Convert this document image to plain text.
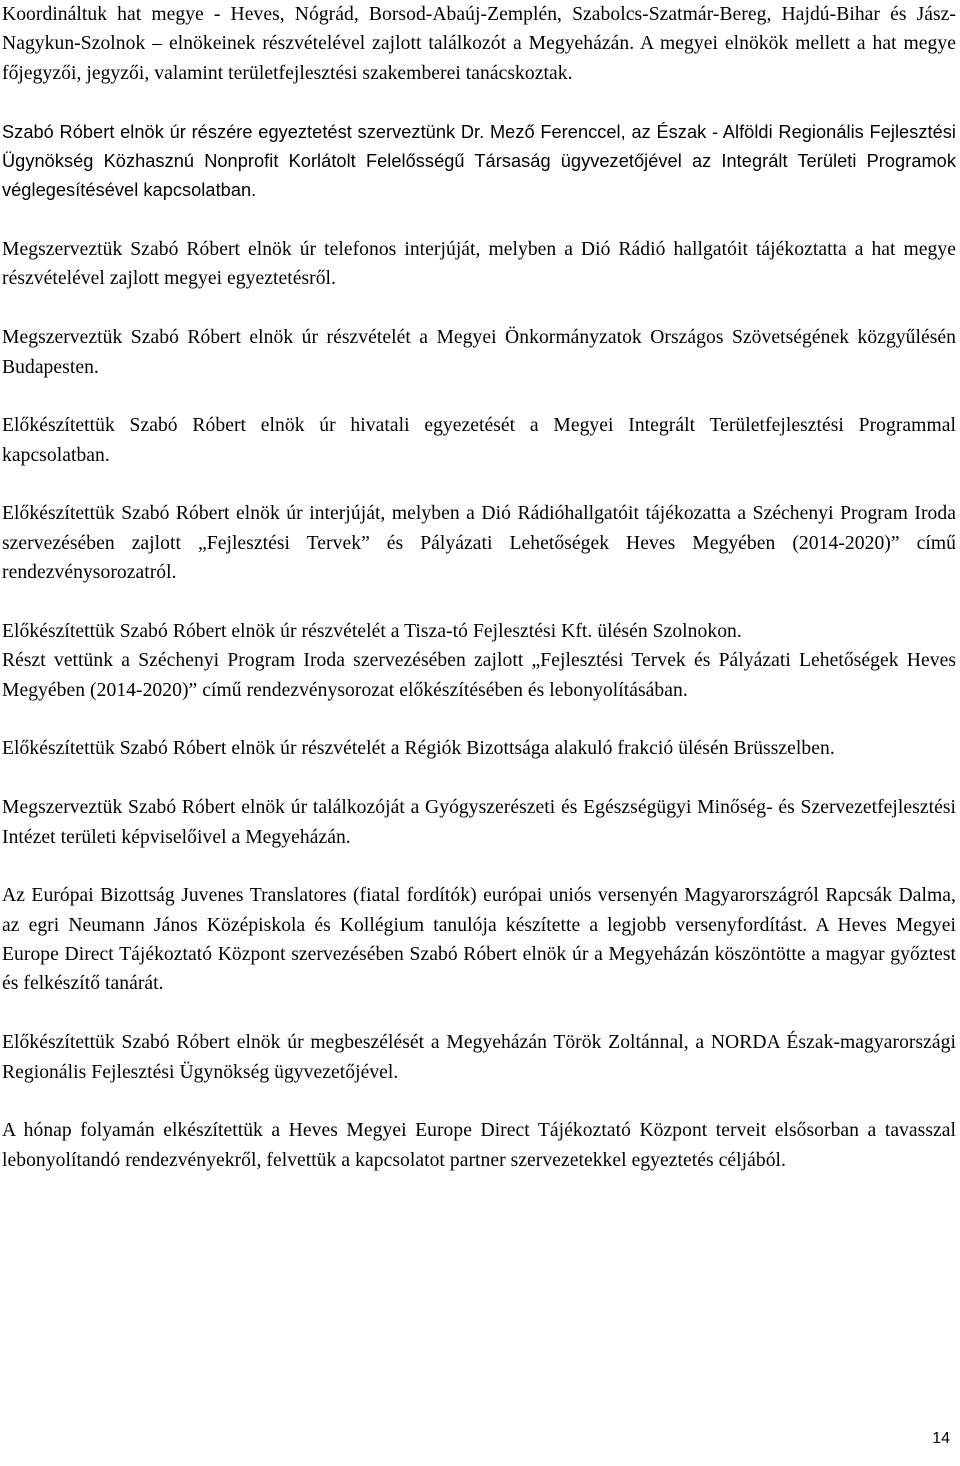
Koordináltuk hat megye - Heves, Nógrád, Borsod-Abaúj-Zemplén, Szabolcs-Szatmár-Bereg, Hajdú-Bihar és Jász-Nagykun-Szolnok – elnökeinek részvételével zajlott találkozót a Megyeházán. A megyei elnökök mellett a hat megye főjegyzői, jegyzői, valamint területfejlesztési szakemberei tanácskoztak.

Szabó Róbert elnök úr részére egyeztetést szerveztünk Dr. Mező Ferenccel, az Észak - Alföldi Regionális Fejlesztési Ügynökség Közhasznú Nonprofit Korlátolt Felelősségű Társaság ügyvezetőjével az Integrált Területi Programok véglegesítésével kapcsolatban.

Megszerveztük Szabó Róbert elnök úr telefonos interjúját, melyben a Dió Rádió hallgatóit tájékoztatta a hat megye részvételével zajlott megyei egyeztetésről.

Megszerveztük Szabó Róbert elnök úr részvételét a Megyei Önkormányzatok Országos Szövetségének közgyűlésén Budapesten.

Előkészítettük Szabó Róbert elnök úr hivatali egyezetését a Megyei Integrált Területfejlesztési Programmal kapcsolatban.

Előkészítettük Szabó Róbert elnök úr interjúját, melyben a Dió Rádióhallgatóit tájékozatta a Széchenyi Program Iroda szervezésében zajlott „Fejlesztési Tervek” és Pályázati Lehetőségek Heves Megyében (2014-2020)” című rendezvénysorozatról.

Előkészítettük Szabó Róbert elnök úr részvételét a Tisza-tó Fejlesztési Kft. ülésén Szolnokon.

Részt vettünk a Széchenyi Program Iroda szervezésében zajlott „Fejlesztési Tervek és Pályázati Lehetőségek Heves Megyében (2014-2020)” című rendezvénysorozat előkészítésében és lebonyolításában.

Előkészítettük Szabó Róbert elnök úr részvételét a Régiók Bizottsága alakuló frakció ülésén Brüsszelben.

Megszerveztük Szabó Róbert elnök úr találkozóját a Gyógyszerészeti és Egészségügyi Minőség- és Szervezetfejlesztési Intézet területi képviselőivel a Megyeházán.

Az Európai Bizottság Juvenes Translatores (fiatal fordítók) európai uniós versenyén Magyarországról Rapcsák Dalma, az egri Neumann János Középiskola és Kollégium tanulója készítette a legjobb versenyfordítást. A Heves Megyei Europe Direct Tájékoztató Központ szervezésében Szabó Róbert elnök úr a Megyeházán köszöntötte a magyar győztest és felkészítő tanárát.

Előkészítettük Szabó Róbert elnök úr megbeszélését a Megyeházán Török Zoltánnal, a NORDA Észak-magyarországi Regionális Fejlesztési Ügynökség ügyvezetőjével.

A hónap folyamán elkészítettük a Heves Megyei Europe Direct Tájékoztató Központ terveit elsősorban a tavasszal lebonyolítandó rendezvényekről, felvettük a kapcsolatot partner szervezetekkel egyeztetés céljából.

14
